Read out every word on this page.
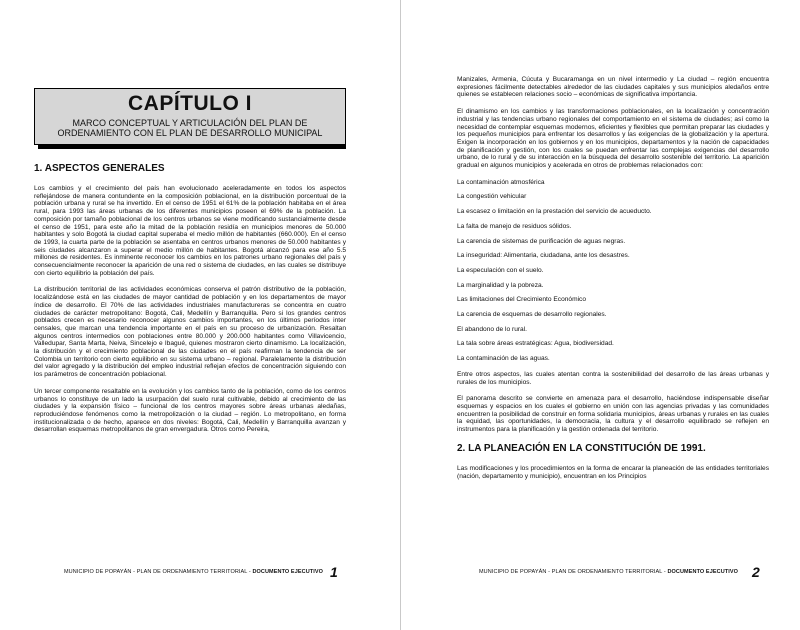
CAPÍTULO I
MARCO CONCEPTUAL Y ARTICULACIÓN DEL PLAN DE ORDENAMIENTO CON EL PLAN DE DESARROLLO MUNICIPAL
1. ASPECTOS GENERALES

Los cambios y el crecimiento del país han evolucionado aceleradamente en todos los aspectos reflejándose de manera contundente en la composición poblacional, en la distribución porcentual de la población urbana y rural se ha invertido. En el censo de 1951 el 61% de la población habitaba en el área rural, para 1993 las áreas urbanas de los diferentes municipios poseen el 69% de la población. La composición por tamaño poblacional de los centros urbanos se viene modificando sustancialmente desde el censo de 1951, para este año la mitad de la población residía en municipios menores de 50.000 habitantes y solo Bogotá la ciudad capital superaba el medio millón de habitantes (660.000). En el censo de 1993, la cuarta parte de la población se asentaba en centros urbanos menores de 50.000 habitantes y seis ciudades alcanzaron a superar el medio millón de habitantes. Bogotá alcanzó para ese año 5.5 millones de residentes. Es inminente reconocer los cambios en los patrones urbano regionales del país y consecuencialmente reconocer la aparición de una red o sistema de ciudades, en las cuales se distribuye con cierto equilibrio la población del país.

La distribución territorial de las actividades económicas conserva el patrón distributivo de la población, localizándose está en las ciudades de mayor cantidad de población y en los departamentos de mayor índice de desarrollo. El 70% de las actividades industriales manufactureras se concentra en cuatro ciudades de carácter metropolitano: Bogotá, Cali, Medellín y Barranquilla. Pero si los grandes centros poblados crecen es necesario reconocer algunos cambios importantes, en los últimos períodos inter censales, que marcan una tendencia importante en el país en su proceso de urbanización. Resaltan algunos centros intermedios con poblaciones entre 80.000 y 200.000 habitantes como Villavicencio, Valledupar, Santa Marta, Neiva, Sincelejo e Ibagué, quienes mostraron cierto dinamismo. La localización, la distribución y el crecimiento poblacional de las ciudades en el país reafirman la tendencia de ser Colombia un territorio con cierto equilibrio en su sistema urbano – regional. Paralelamente la distribución del valor agregado y la distribución del empleo industrial reflejan efectos de concentración siguiendo con los parámetros de concentración poblacional.

Un tercer componente resaltable en la evolución y los cambios tanto de la población, como de los centros urbanos lo constituye de un lado la usurpación del suelo rural cultivable, debido al crecimiento de las ciudades y la expansión físico – funcional de los centros mayores sobre áreas urbanas aledañas, reproduciéndose fenómenos como la metropolización o la ciudad – región. Lo metropolitano, en forma institucionalizada o de hecho, aparece en dos niveles: Bogotá, Cali, Medellín y Barranquilla avanzan y desarrollan esquemas metropolitanos de gran envergadura. Otros como Pereira,

MUNICIPIO DE POPAYÁN - PLAN DE ORDENAMIENTO TERRITORIAL - DOCUMENTO EJECUTIVO 1

Manizales, Armenia, Cúcuta y Bucaramanga en un nivel intermedio y La ciudad – región encuentra expresiones fácilmente detectables alrededor de las ciudades capitales y sus municipios aledaños entre quienes se establecen relaciones socio – económicas de significativa importancia.

El dinamismo en los cambios y las transformaciones poblacionales, en la localización y concentración industrial y las tendencias urbano regionales del comportamiento en el sistema de ciudades; así como la necesidad de contemplar esquemas modernos, eficientes y flexibles que permitan preparar las ciudades y los pequeños municipios para enfrentar los desarrollos y las exigencias de la globalización y la apertura. Exigen la incorporación en los gobiernos y en los municipios, departamentos y la nación de capacidades de planificación y gestión, con los cuales se puedan enfrentar las complejas exigencias del desarrollo urbano, de lo rural y de su interacción en la búsqueda del desarrollo sostenible del territorio. La aparición gradual en algunos municipios y acelerada en otros de problemas relacionados con:

La contaminación atmosférica
La congestión vehicular
La escasez o limitación en la prestación del servicio de acueducto.
La falta de manejo de residuos sólidos.
La carencia de sistemas de purificación de aguas negras.
La inseguridad: Alimentaria, ciudadana, ante los desastres.
La especulación con el suelo.
La marginalidad y la pobreza.
Las limitaciones del Crecimiento Económico
La carencia de esquemas de desarrollo regionales.
El abandono de lo rural.
La tala sobre áreas estratégicas: Agua, biodiversidad.
La contaminación de las aguas.

Entre otros aspectos, las cuales atentan contra la sostenibilidad del desarrollo de las áreas urbanas y rurales de los municipios.

El panorama descrito se convierte en amenaza para el desarrollo, haciéndose indispensable diseñar esquemas y espacios en los cuales el gobierno en unión con las agencias privadas y las comunidades encuentren la posibilidad de construir en forma solidaria municipios, áreas urbanas y rurales en las cuales la equidad, las oportunidades, la democracia, la cultura y el desarrollo equilibrado se reflejen en instrumentos para la planificación y la gestión ordenada del territorio.

2. LA PLANEACIÓN EN LA CONSTITUCIÓN DE 1991.

Las modificaciones y los procedimientos en la forma de encarar la planeación de las entidades territoriales (nación, departamento y municipio), encuentran en los Principios

MUNICIPIO DE POPAYÁN - PLAN DE ORDENAMIENTO TERRITORIAL - DOCUMENTO EJECUTIVO 2
